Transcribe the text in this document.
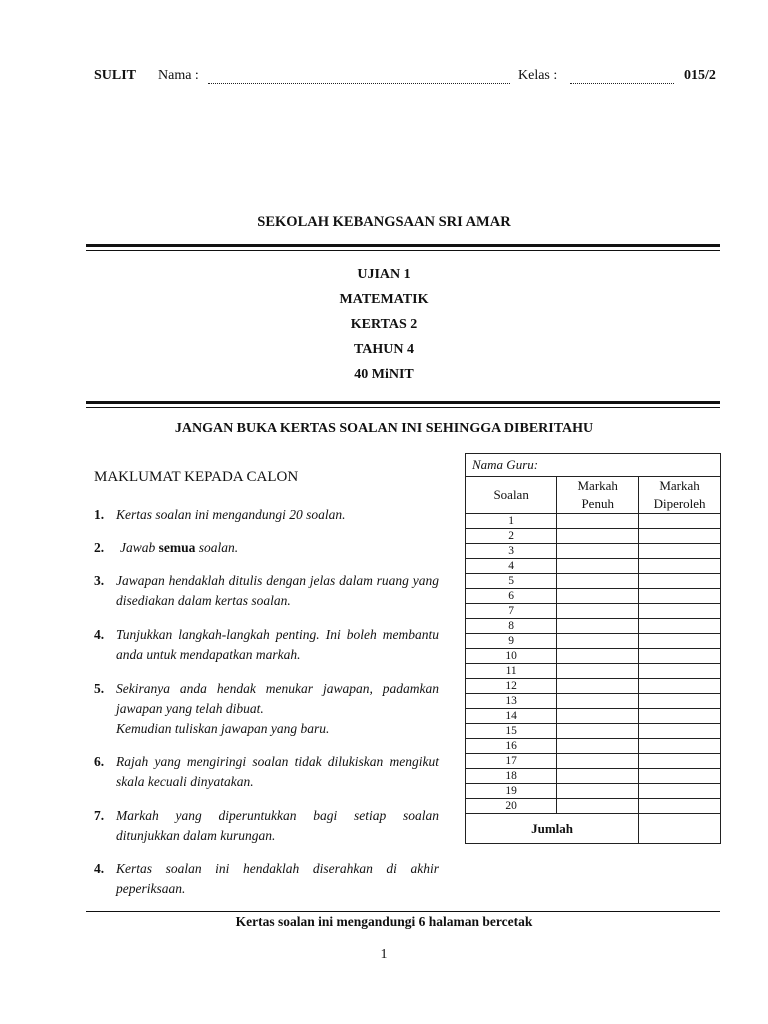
SULIT Nama :	Kelas :	015/2
SEKOLAH KEBANGSAAN SRI AMAR
UJIAN 1
MATEMATIK
KERTAS 2
TAHUN 4
40 MiNIT
JANGAN BUKA KERTAS SOALAN INI SEHINGGA DIBERITAHU
MAKLUMAT KEPADA CALON
1. Kertas soalan ini mengandungi 20 soalan.
2. Jawab semua soalan.
3. Jawapan hendaklah ditulis dengan jelas dalam ruang yang disediakan dalam kertas soalan.
4. Tunjukkan langkah-langkah penting. Ini boleh membantu anda untuk mendapatkan markah.
5. Sekiranya anda hendak menukar jawapan, padamkan jawapan yang telah dibuat.
Kemudian tuliskan jawapan yang baru.
6. Rajah yang mengiringi soalan tidak dilukiskan mengikut skala kecuali dinyatakan.
7. Markah yang diperuntukkan bagi setiap soalan ditunjukkan dalam kurungan.
4. Kertas soalan ini hendaklah diserahkan di akhir peperiksaan.
Nama Guru:		
Soalan	Markah Penuh	Markah Diperoleh
1		
2		
3		
4		
5		
6		
7		
8		
9		
10		
11		
12		
13		
14		
15		
16		
17		
18		
19		
20		
Jumlah		
Kertas soalan ini mengandungi 6 halaman bercetak
1
